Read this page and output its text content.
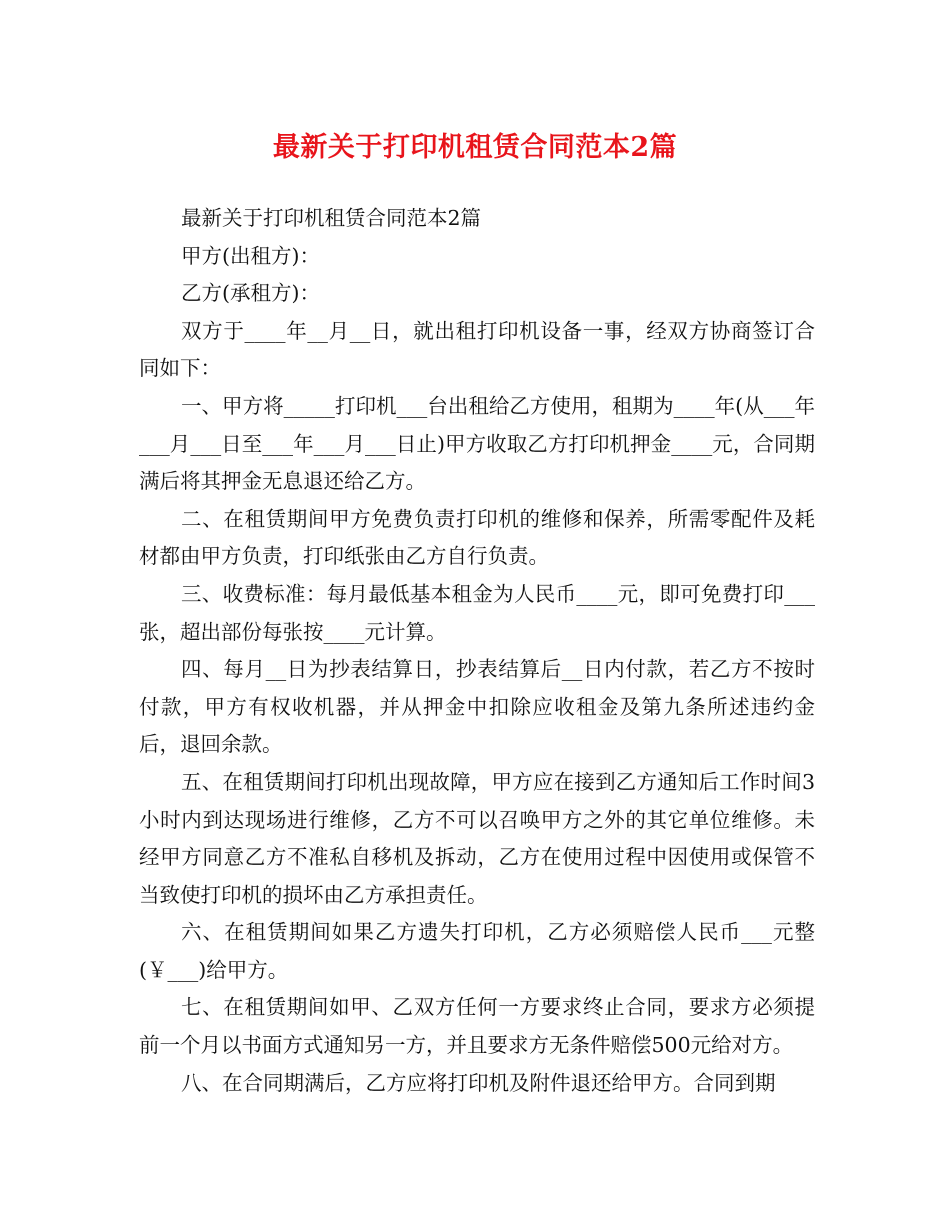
最新关于打印机租赁合同范本2篇

最新关于打印机租赁合同范本2篇

甲方(出租方)：

乙方(承租方)：

双方于____年__月__日，就出租打印机设备一事，经双方协商签订合同如下：

一、甲方将_____打印机___台出租给乙方使用，租期为____年(从___年___月___日至___年___月___日止)甲方收取乙方打印机押金____元，合同期满后将其押金无息退还给乙方。

二、在租赁期间甲方免费负责打印机的维修和保养，所需零配件及耗材都由甲方负责，打印纸张由乙方自行负责。

三、收费标准：每月最低基本租金为人民币____元，即可免费打印___张，超出部份每张按____元计算。

四、每月__日为抄表结算日，抄表结算后__日内付款，若乙方不按时付款，甲方有权收机器，并从押金中扣除应收租金及第九条所述违约金后，退回余款。

五、在租赁期间打印机出现故障，甲方应在接到乙方通知后工作时间3小时内到达现场进行维修，乙方不可以召唤甲方之外的其它单位维修。未经甲方同意乙方不准私自移机及拆动，乙方在使用过程中因使用或保管不当致使打印机的损坏由乙方承担责任。

六、在租赁期间如果乙方遗失打印机，乙方必须赔偿人民币___元整(￥___)给甲方。

七、在租赁期间如甲、乙双方任何一方要求终止合同，要求方必须提前一个月以书面方式通知另一方，并且要求方无条件赔偿500元给对方。

八、在合同期满后，乙方应将打印机及附件退还给甲方。合同到期
